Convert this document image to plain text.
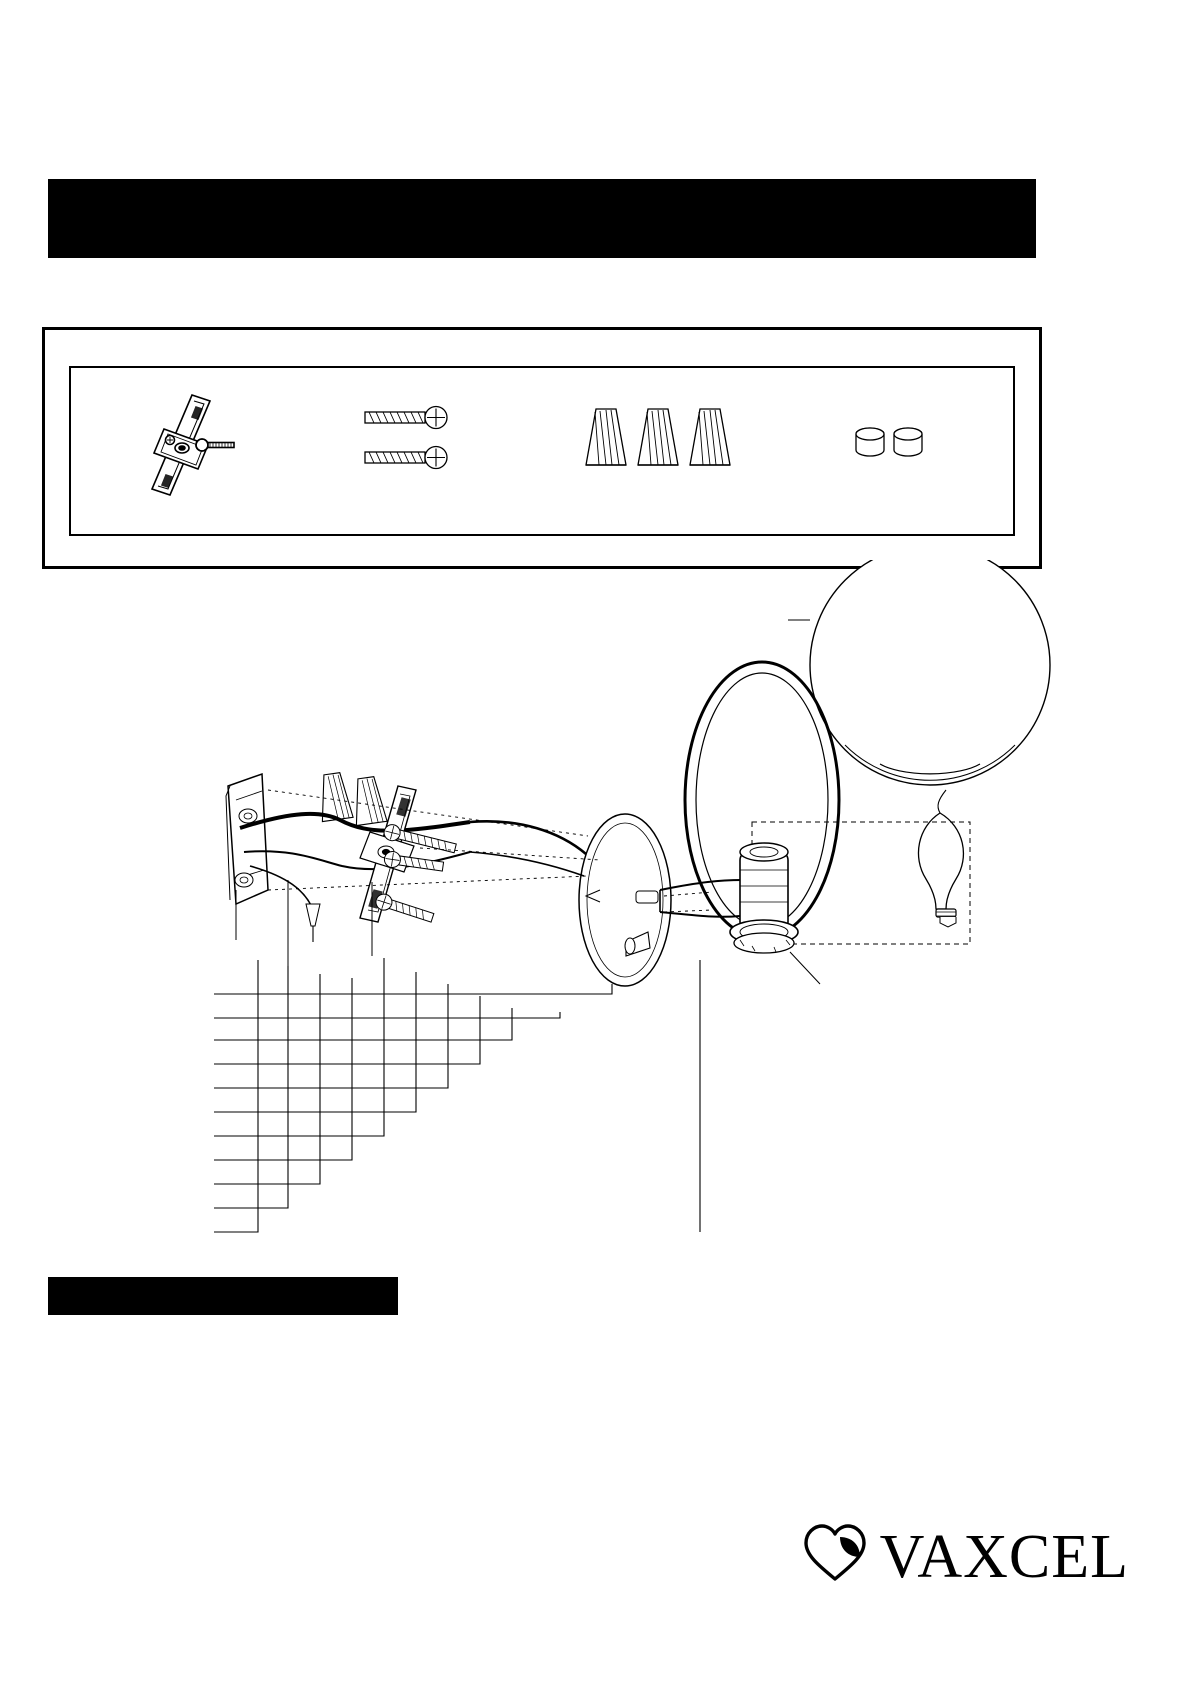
VAXCEL
